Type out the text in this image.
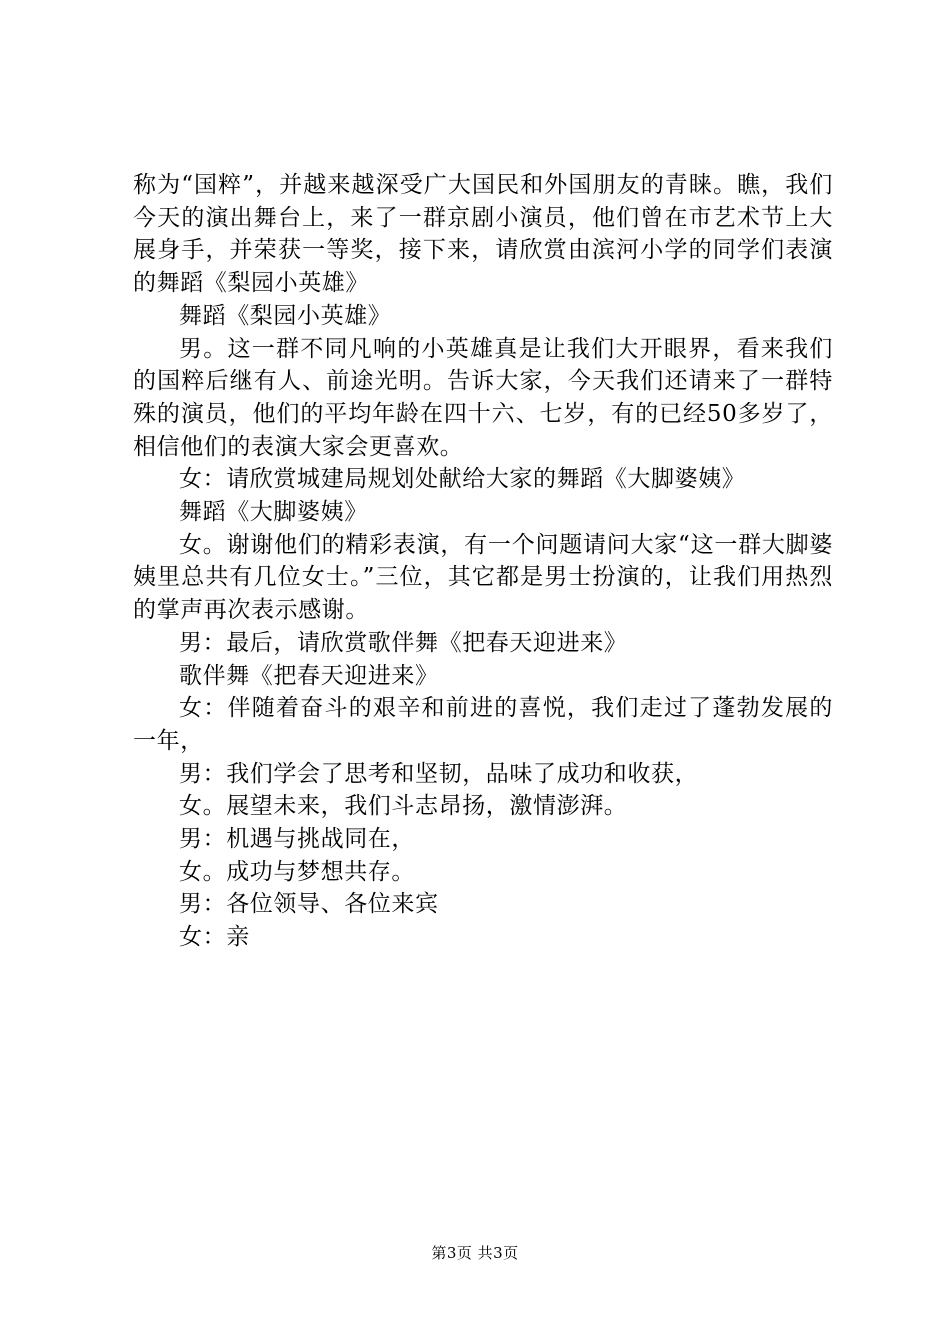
称为“国粹”，并越来越深受广大国民和外国朋友的青睐。瞧，我们今天的演出舞台上，来了一群京剧小演员，他们曾在市艺术节上大展身手，并荣获一等奖，接下来，请欣赏由滨河小学的同学们表演的舞蹈《梨园小英雄》

舞蹈《梨园小英雄》

男。这一群不同凡响的小英雄真是让我们大开眼界，看来我们的国粹后继有人、前途光明。告诉大家，今天我们还请来了一群特殊的演员，他们的平均年龄在四十六、七岁，有的已经50多岁了，相信他们的表演大家会更喜欢。

女：请欣赏城建局规划处献给大家的舞蹈《大脚婆姨》

舞蹈《大脚婆姨》

女。谢谢他们的精彩表演，有一个问题请问大家“这一群大脚婆姨里总共有几位女士。”三位，其它都是男士扮演的，让我们用热烈的掌声再次表示感谢。

男：最后，请欣赏歌伴舞《把春天迎进来》

歌伴舞《把春天迎进来》

女：伴随着奋斗的艰辛和前进的喜悦，我们走过了蓬勃发展的一年，

男：我们学会了思考和坚韧，品味了成功和收获，

女。展望未来，我们斗志昂扬，激情澎湃。

男：机遇与挑战同在，

女。成功与梦想共存。

男：各位领导、各位来宾

女：亲

第3页 共3页
